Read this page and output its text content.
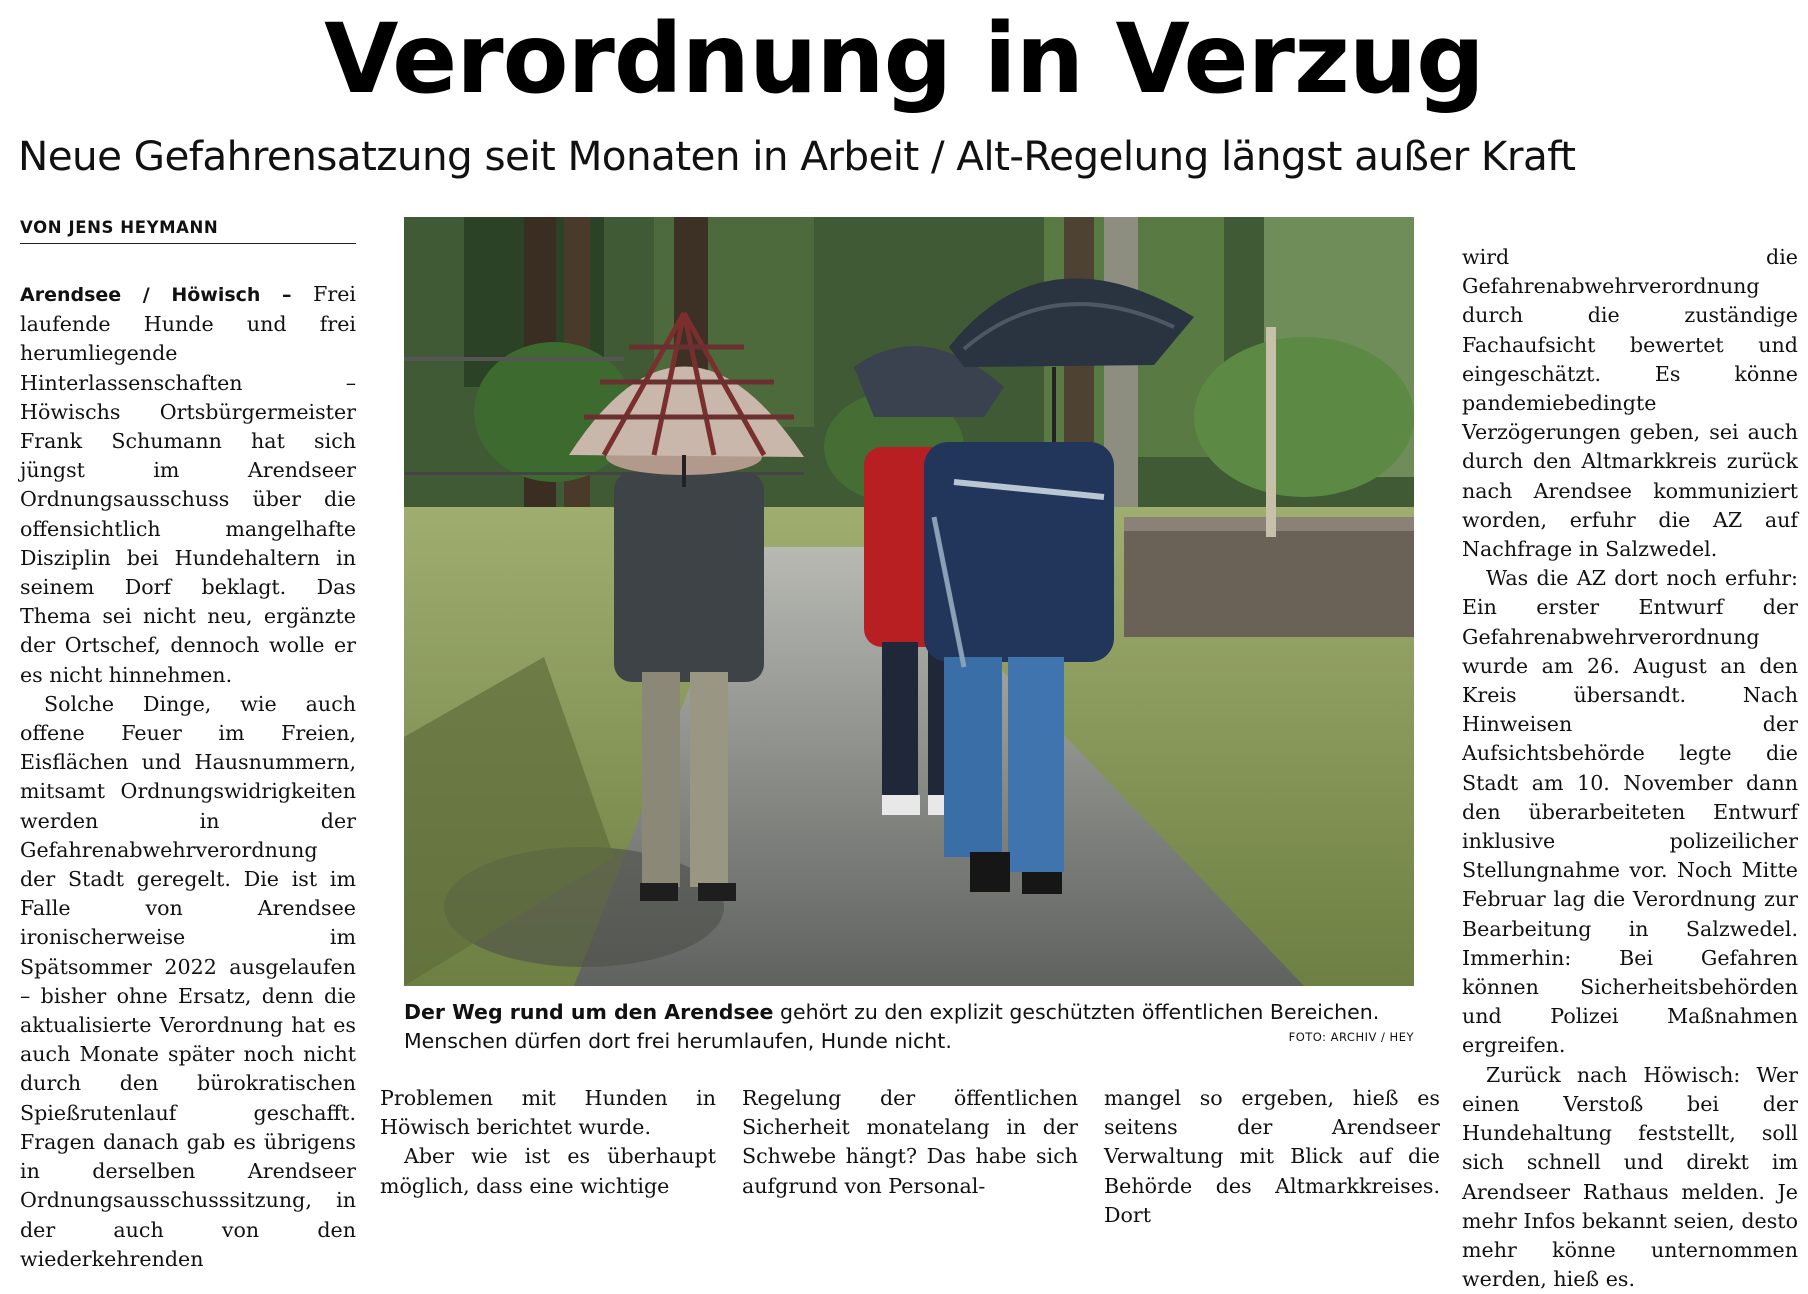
Verordnung in Verzug
Neue Gefahrensatzung seit Monaten in Arbeit / Alt-Regelung längst außer Kraft
VON JENS HEYMANN

Arendsee / Höwisch – Frei laufende Hunde und frei herumliegende Hinterlassenschaften – Höwischs Ortsbürgermeister Frank Schumann hat sich jüngst im Arendseer Ordnungsausschuss über die offensichtlich mangelhafte Disziplin bei Hundehaltern in seinem Dorf beklagt. Das Thema sei nicht neu, ergänzte der Ortschef, dennoch wolle er es nicht hinnehmen.

Solche Dinge, wie auch offene Feuer im Freien, Eisflächen und Hausnummern, mitsamt Ordnungswidrigkeiten werden in der Gefahrenabwehrverordnung der Stadt geregelt. Die ist im Falle von Arendsee ironischerweise im Spätsommer 2022 ausgelaufen – bisher ohne Ersatz, denn die aktualisierte Verordnung hat es auch Monate später noch nicht durch den bürokratischen Spießrutenlauf geschafft. Fragen danach gab es übrigens in derselben Arendseer Ordnungsausschusssitzung, in der auch von den wiederkehrenden

Der Weg rund um den Arendsee gehört zu den explizit geschützten öffentlichen Bereichen. Menschen dürfen dort frei herumlaufen, Hunde nicht.	FOTO: ARCHIV / HEY

Problemen mit Hunden in Höwisch berichtet wurde.

Aber wie ist es überhaupt möglich, dass eine wichtige

Regelung der öffentlichen Sicherheit monatelang in der Schwebe hängt? Das habe sich aufgrund von Personal-

mangel so ergeben, hieß es seitens der Arendseer Verwaltung mit Blick auf die Behörde des Altmarkkreises. Dort

wird die Gefahrenabwehrverordnung durch die zuständige Fachaufsicht bewertet und eingeschätzt. Es könne pandemiebedingte Verzögerungen geben, sei auch durch den Altmarkkreis zurück nach Arendsee kommuniziert worden, erfuhr die AZ auf Nachfrage in Salzwedel.

Was die AZ dort noch erfuhr: Ein erster Entwurf der Gefahrenabwehrverordnung wurde am 26. August an den Kreis übersandt. Nach Hinweisen der Aufsichtsbehörde legte die Stadt am 10. November dann den überarbeiteten Entwurf inklusive polizeilicher Stellungnahme vor. Noch Mitte Februar lag die Verordnung zur Bearbeitung in Salzwedel. Immerhin: Bei Gefahren können Sicherheitsbehörden und Polizei Maßnahmen ergreifen.

Zurück nach Höwisch: Wer einen Verstoß bei der Hundehaltung feststellt, soll sich schnell und direkt im Arendseer Rathaus melden. Je mehr Infos bekannt seien, desto mehr könne unternommen werden, hieß es.
